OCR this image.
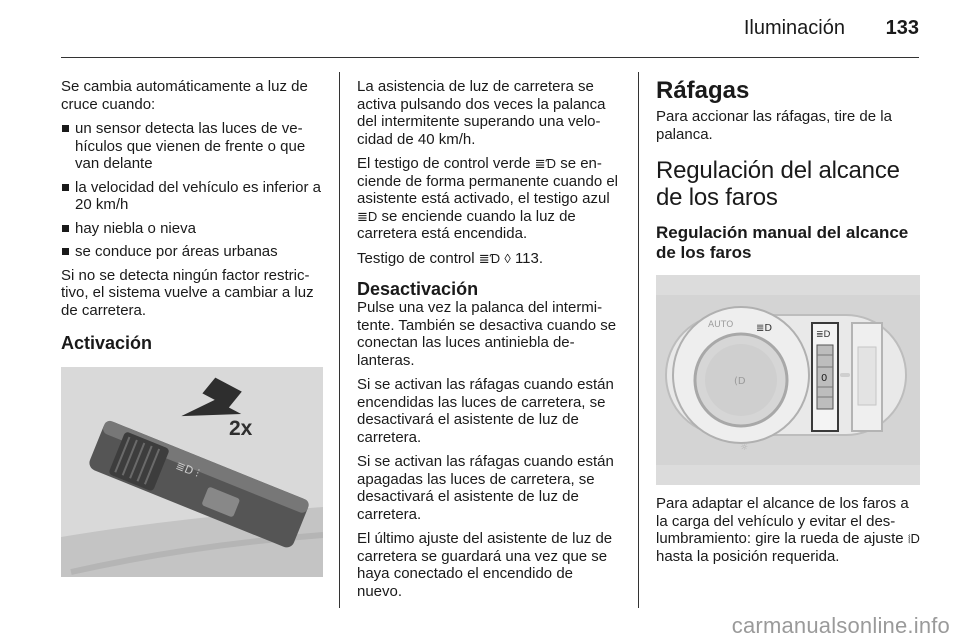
Iluminación 133

Se cambia automáticamente a luz de cruce cuando:

un sensor detecta las luces de vehículos que vienen de frente o que van delante
la velocidad del vehículo es inferior a 20 km/h
hay niebla o nieva
se conduce por áreas urbanas

Si no se detecta ningún factor restrictivo, el sistema vuelve a cambiar a luz de carretera.

Activación
≣D ⫶
2x

La asistencia de luz de carretera se activa pulsando dos veces la palanca del intermitente superando una velocidad de 40 km/h.

El testigo de control verde ≣Ɗ se enciende de forma permanente cuando el asistente está activado, el testigo azul ≣D se enciende cuando la luz de carretera está encendida.

Testigo de control ≣Ɗ ◊ 113.

Desactivación

Pulse una vez la palanca del intermitente. También se desactiva cuando se conectan las luces antiniebla delanteras.

Si se activan las ráfagas cuando están encendidas las luces de carretera, se desactivará el asistente de luz de carretera.

Si se activan las ráfagas cuando están apagadas las luces de carretera, se desactivará el asistente de luz de carretera.

El último ajuste del asistente de luz de carretera se guardará una vez que se haya conectado el encendido de nuevo.

Ráfagas

Para accionar las ráfagas, tire de la palanca.

Regulación del alcance de los faros
Regulación manual del alcance de los faros
(D
AUTO ≣D
0
≣D
☼

Para adaptar el alcance de los faros a la carga del vehículo y evitar el deslumbramiento: gire la rueda de ajuste ⧙D hasta la posición requerida.

carmanualsonline.info
